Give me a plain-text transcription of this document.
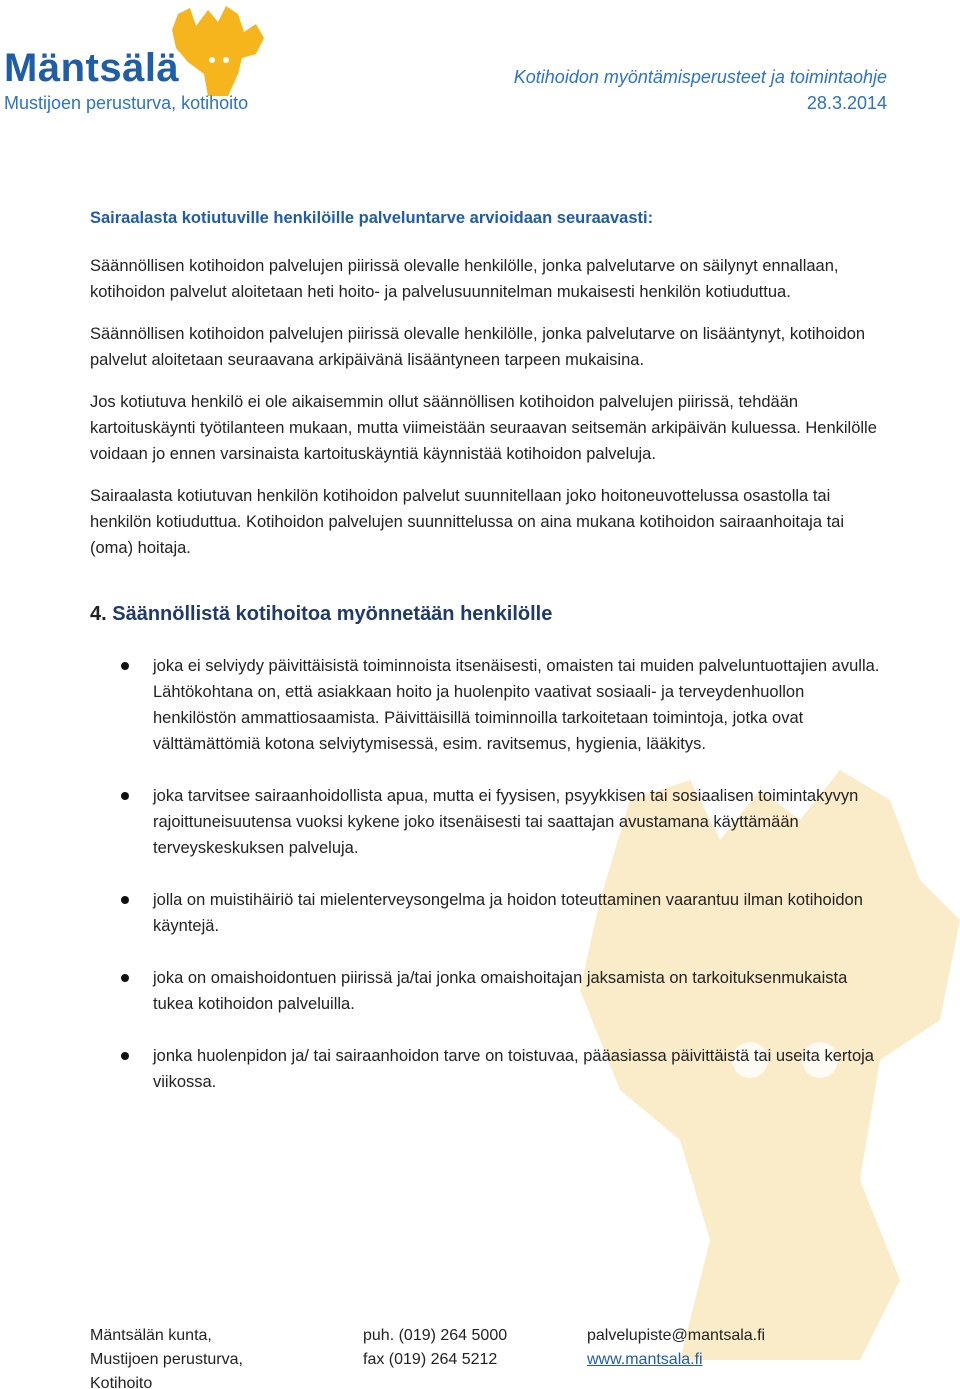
Mäntsälä
Mustijoen perusturva, kotihoito
Kotihoidon myöntämisperusteet ja toimintaohje
28.3.2014

Sairaalasta kotiutuville henkilöille palveluntarve arvioidaan seuraavasti:

Säännöllisen kotihoidon palvelujen piirissä olevalle henkilölle, jonka palvelutarve on säilynyt ennallaan, kotihoidon palvelut aloitetaan heti hoito- ja palvelusuunnitelman mukaisesti henkilön kotiuduttua.

Säännöllisen kotihoidon palvelujen piirissä olevalle henkilölle, jonka palvelutarve on lisääntynyt, kotihoidon palvelut aloitetaan seuraavana arkipäivänä lisääntyneen tarpeen mukaisina.

Jos kotiutuva henkilö ei ole aikaisemmin ollut säännöllisen kotihoidon palvelujen piirissä, tehdään kartoituskäynti työtilanteen mukaan, mutta viimeistään seuraavan seitsemän arkipäivän kuluessa. Henkilölle voidaan jo ennen varsinaista kartoituskäyntiä käynnistää kotihoidon palveluja.

Sairaalasta kotiutuvan henkilön kotihoidon palvelut suunnitellaan joko hoitoneuvottelussa osastolla tai henkilön kotiuduttua. Kotihoidon palvelujen suunnittelussa on aina mukana kotihoidon sairaanhoitaja tai (oma) hoitaja.

4. Säännöllistä kotihoitoa myönnetään henkilölle
joka ei selviydy päivittäisistä toiminnoista itsenäisesti, omaisten tai muiden palveluntuottajien avulla. Lähtökohtana on, että asiakkaan hoito ja huolenpito vaativat sosiaali- ja terveydenhuollon henkilöstön ammattiosaamista. Päivittäisillä toiminnoilla tarkoitetaan toimintoja, jotka ovat välttämättömiä kotona selviytymisessä, esim. ravitsemus, hygienia, lääkitys.
joka tarvitsee sairaanhoidollista apua, mutta ei fyysisen, psyykkisen tai sosiaalisen toimintakyvyn rajoittuneisuutensa vuoksi kykene joko itsenäisesti tai saattajan avustamana käyttämään terveyskeskuksen palveluja.
jolla on muistihäiriö tai mielenterveysongelma ja hoidon toteuttaminen vaarantuu ilman kotihoidon käyntejä.
joka on omaishoidontuen piirissä ja/tai jonka omaishoitajan jaksamista on tarkoituksenmukaista tukea kotihoidon palveluilla.
jonka huolenpidon ja/ tai sairaanhoidon tarve on toistuvaa, pääasiassa päivittäistä tai useita kertoja viikossa.
Mäntsälän kunta,
Mustijoen perusturva,
Kotihoito
puh. (019) 264 5000
fax (019) 264 5212
palvelupiste@mantsala.fi
www.mantsala.fi
